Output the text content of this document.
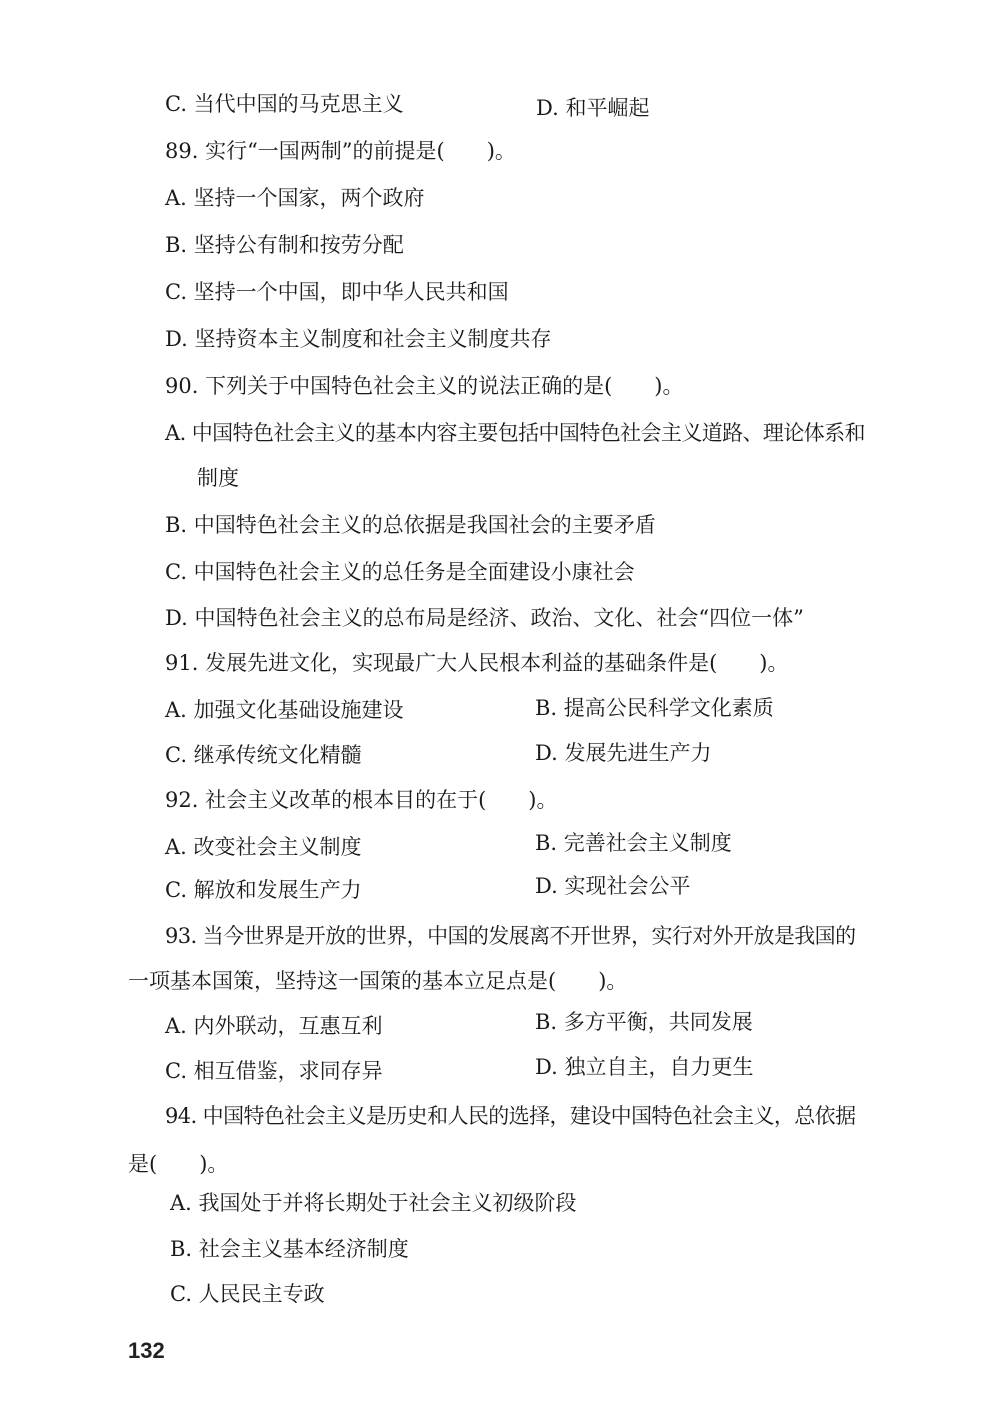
C. 当代中国的马克思主义	D. 和平崛起
89. 实行“一国两制”的前提是(　　)。
A. 坚持一个国家，两个政府
B. 坚持公有制和按劳分配
C. 坚持一个中国，即中华人民共和国
D. 坚持资本主义制度和社会主义制度共存
90. 下列关于中国特色社会主义的说法正确的是(　　)。
A. 中国特色社会主义的基本内容主要包括中国特色社会主义道路、理论体系和
制度
B. 中国特色社会主义的总依据是我国社会的主要矛盾
C. 中国特色社会主义的总任务是全面建设小康社会
D. 中国特色社会主义的总布局是经济、政治、文化、社会“四位一体”
91. 发展先进文化，实现最广大人民根本利益的基础条件是(　　)。
A. 加强文化基础设施建设	B. 提高公民科学文化素质
C. 继承传统文化精髓	D. 发展先进生产力
92. 社会主义改革的根本目的在于(　　)。
A. 改变社会主义制度	B. 完善社会主义制度
C. 解放和发展生产力	D. 实现社会公平
93. 当今世界是开放的世界，中国的发展离不开世界，实行对外开放是我国的
一项基本国策，坚持这一国策的基本立足点是(　　)。
A. 内外联动，互惠互利	B. 多方平衡，共同发展
C. 相互借鉴，求同存异	D. 独立自主，自力更生
94. 中国特色社会主义是历史和人民的选择，建设中国特色社会主义，总依据
是(　　)。
A. 我国处于并将长期处于社会主义初级阶段
B. 社会主义基本经济制度
C. 人民民主专政
132
